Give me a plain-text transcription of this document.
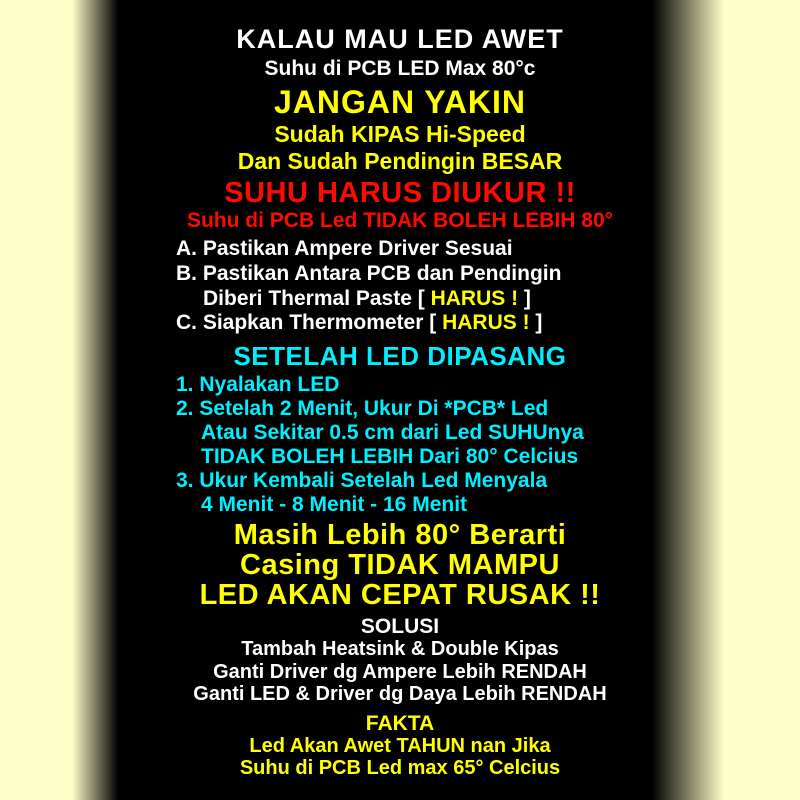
KALAU MAU LED AWET
Suhu di PCB LED Max 80°c
JANGAN YAKIN
Sudah KIPAS Hi-Speed
Dan Sudah Pendingin BESAR
SUHU HARUS DIUKUR !!
Suhu di PCB Led TIDAK BOLEH LEBIH 80°
A. Pastikan Ampere Driver Sesuai
B. Pastikan Antara PCB dan Pendingin
Diberi Thermal Paste [ HARUS ! ]
C. Siapkan Thermometer [ HARUS ! ]
SETELAH LED DIPASANG
1. Nyalakan LED
2. Setelah 2 Menit, Ukur Di *PCB* Led
Atau Sekitar 0.5 cm dari Led SUHUnya
TIDAK BOLEH LEBIH Dari 80° Celcius
3. Ukur Kembali Setelah Led Menyala
4 Menit - 8 Menit - 16 Menit
Masih Lebih 80° Berarti
Casing TIDAK MAMPU
LED AKAN CEPAT RUSAK !!
SOLUSI
Tambah Heatsink & Double Kipas
Ganti Driver dg Ampere Lebih RENDAH
Ganti LED & Driver dg Daya Lebih RENDAH
FAKTA
Led Akan Awet TAHUN nan Jika
Suhu di PCB Led max 65° Celcius
